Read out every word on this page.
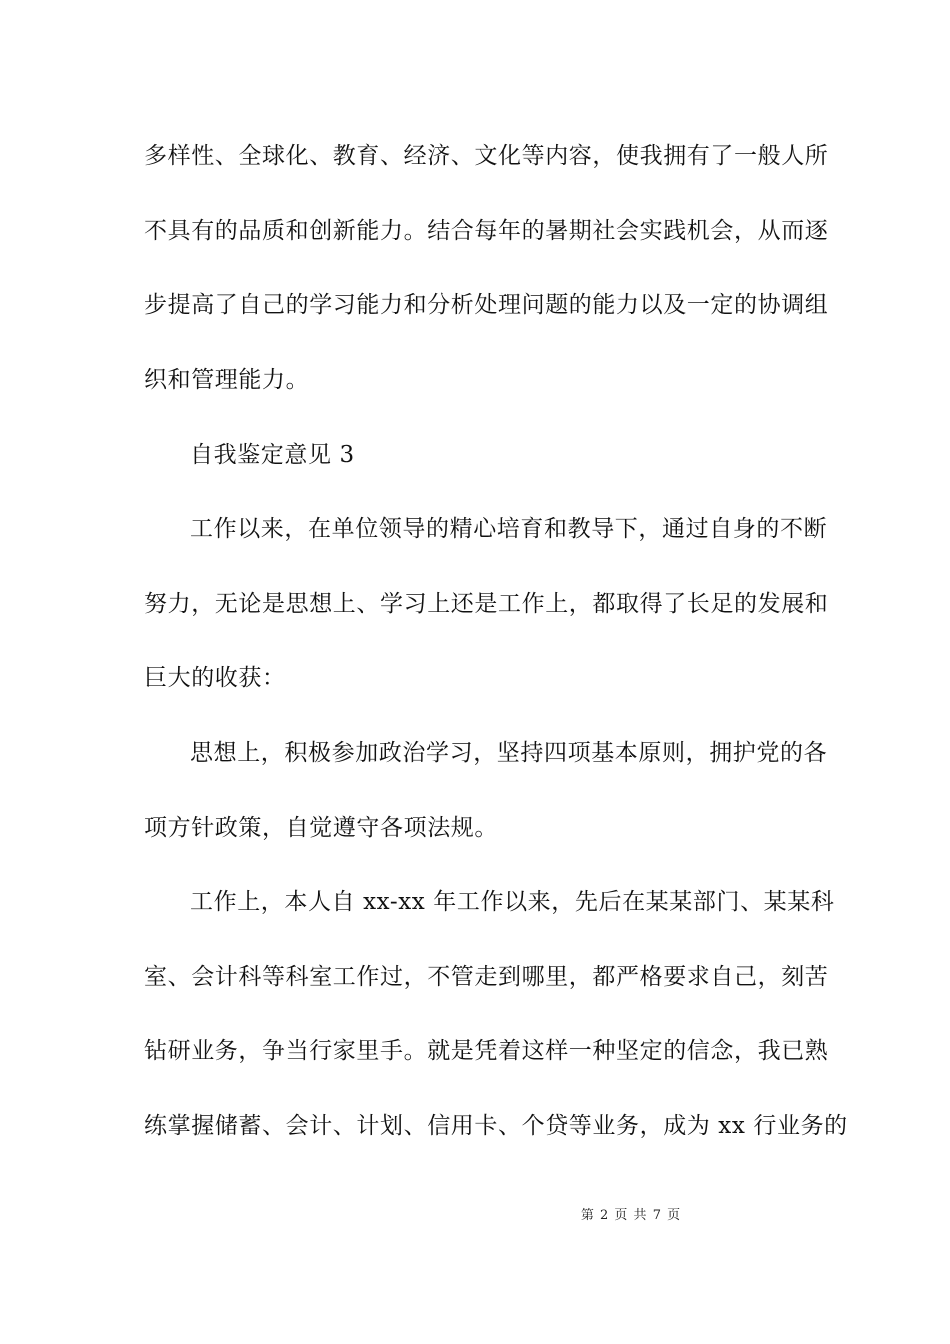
多样性、全球化、教育、经济、文化等内容，使我拥有了一般人所
不具有的品质和创新能力。结合每年的暑期社会实践机会，从而逐
步提高了自己的学习能力和分析处理问题的能力以及一定的协调组
织和管理能力。
自我鉴定意见 3
工作以来，在单位领导的精心培育和教导下，通过自身的不断
努力，无论是思想上、学习上还是工作上，都取得了长足的发展和
巨大的收获：
思想上，积极参加政治学习，坚持四项基本原则，拥护党的各
项方针政策，自觉遵守各项法规。
工作上，本人自 xx-xx 年工作以来，先后在某某部门、某某科
室、会计科等科室工作过，不管走到哪里，都严格要求自己，刻苦
钻研业务，争当行家里手。就是凭着这样一种坚定的信念，我已熟
练掌握储蓄、会计、计划、信用卡、个贷等业务，成为 xx 行业务的
第 2 页 共 7 页
